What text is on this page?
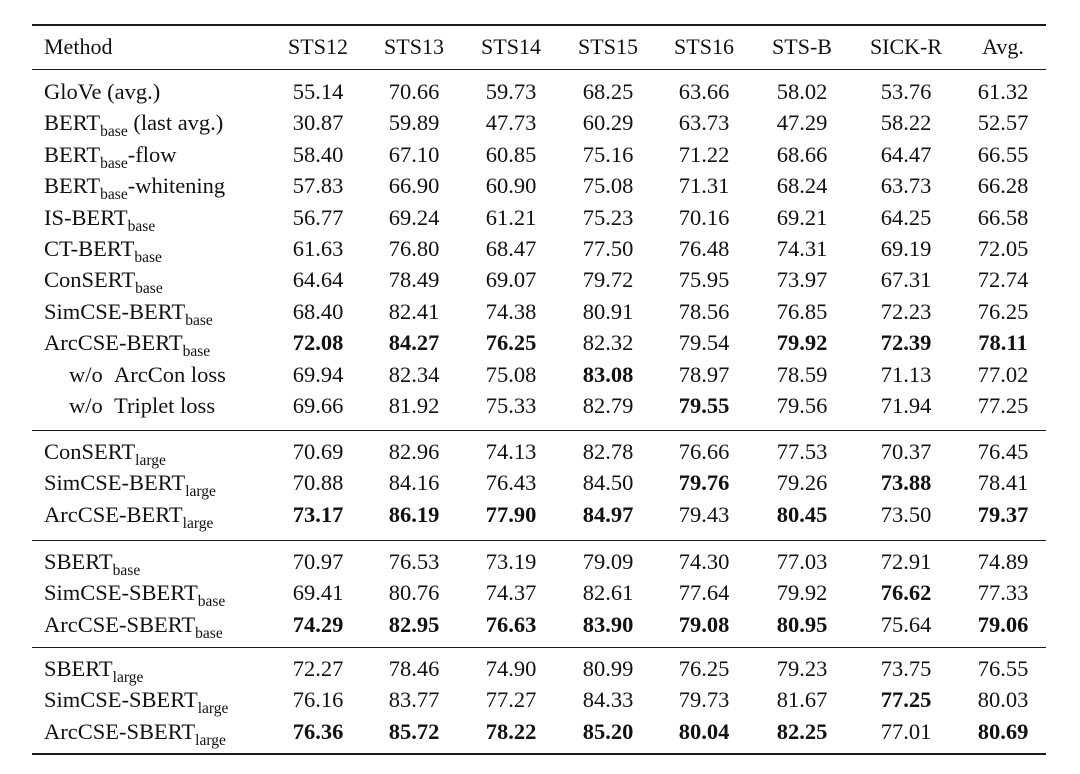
Method	STS12	STS13	STS14	STS15	STS16	STS-B	SICK-R	Avg.
GloVe (avg.)	55.14	70.66	59.73	68.25	63.66	58.02	53.76	61.32
$BERT_{base}$ (last avg.)	30.87	59.89	47.73	60.29	63.73	47.29	58.22	52.57
$BERT_{base}$-flow	58.40	67.10	60.85	75.16	71.22	68.66	64.47	66.55
$BERT_{base}$-whitening	57.83	66.90	60.90	75.08	71.31	68.24	63.73	66.28
$IS-BERT_{base}$	56.77	69.24	61.21	75.23	70.16	69.21	64.25	66.58
$CT-BERT_{base}$	61.63	76.80	68.47	77.50	76.48	74.31	69.19	72.05
ConSERT$_{base}$	64.64	78.49	69.07	79.72	75.95	73.97	67.31	72.74
SimCSE-$BERT_{base}$	68.40	82.41	74.38	80.91	78.56	76.85	72.23	76.25
ArcCSE-$BERT_{base}$	72.08	84.27	76.25	82.32	79.54	79.92	72.39	78.11
w/o  ArcCon loss	69.94	82.34	75.08	83.08	78.97	78.59	71.13	77.02
w/o  Triplet loss	69.66	81.92	75.33	82.79	79.55	79.56	71.94	77.25
ConSERT$_{large}$	70.69	82.96	74.13	82.78	76.66	77.53	70.37	76.45
SimCSE-$BERT_{large}$	70.88	84.16	76.43	84.50	79.76	79.26	73.88	78.41
ArcCSE-$BERT_{large}$	73.17	86.19	77.90	84.97	79.43	80.45	73.50	79.37
$SBERT_{base}$	70.97	76.53	73.19	79.09	74.30	77.03	72.91	74.89
SimCSE-$SBERT_{base}$	69.41	80.76	74.37	82.61	77.64	79.92	76.62	77.33
ArcCSE-$SBERT_{base}$	74.29	82.95	76.63	83.90	79.08	80.95	75.64	79.06
$SBERT_{large}$	72.27	78.46	74.90	80.99	76.25	79.23	73.75	76.55
SimCSE-$SBERT_{large}$	76.16	83.77	77.27	84.33	79.73	81.67	77.25	80.03
ArcCSE-$SBERT_{large}$	76.36	85.72	78.22	85.20	80.04	82.25	77.01	80.69
